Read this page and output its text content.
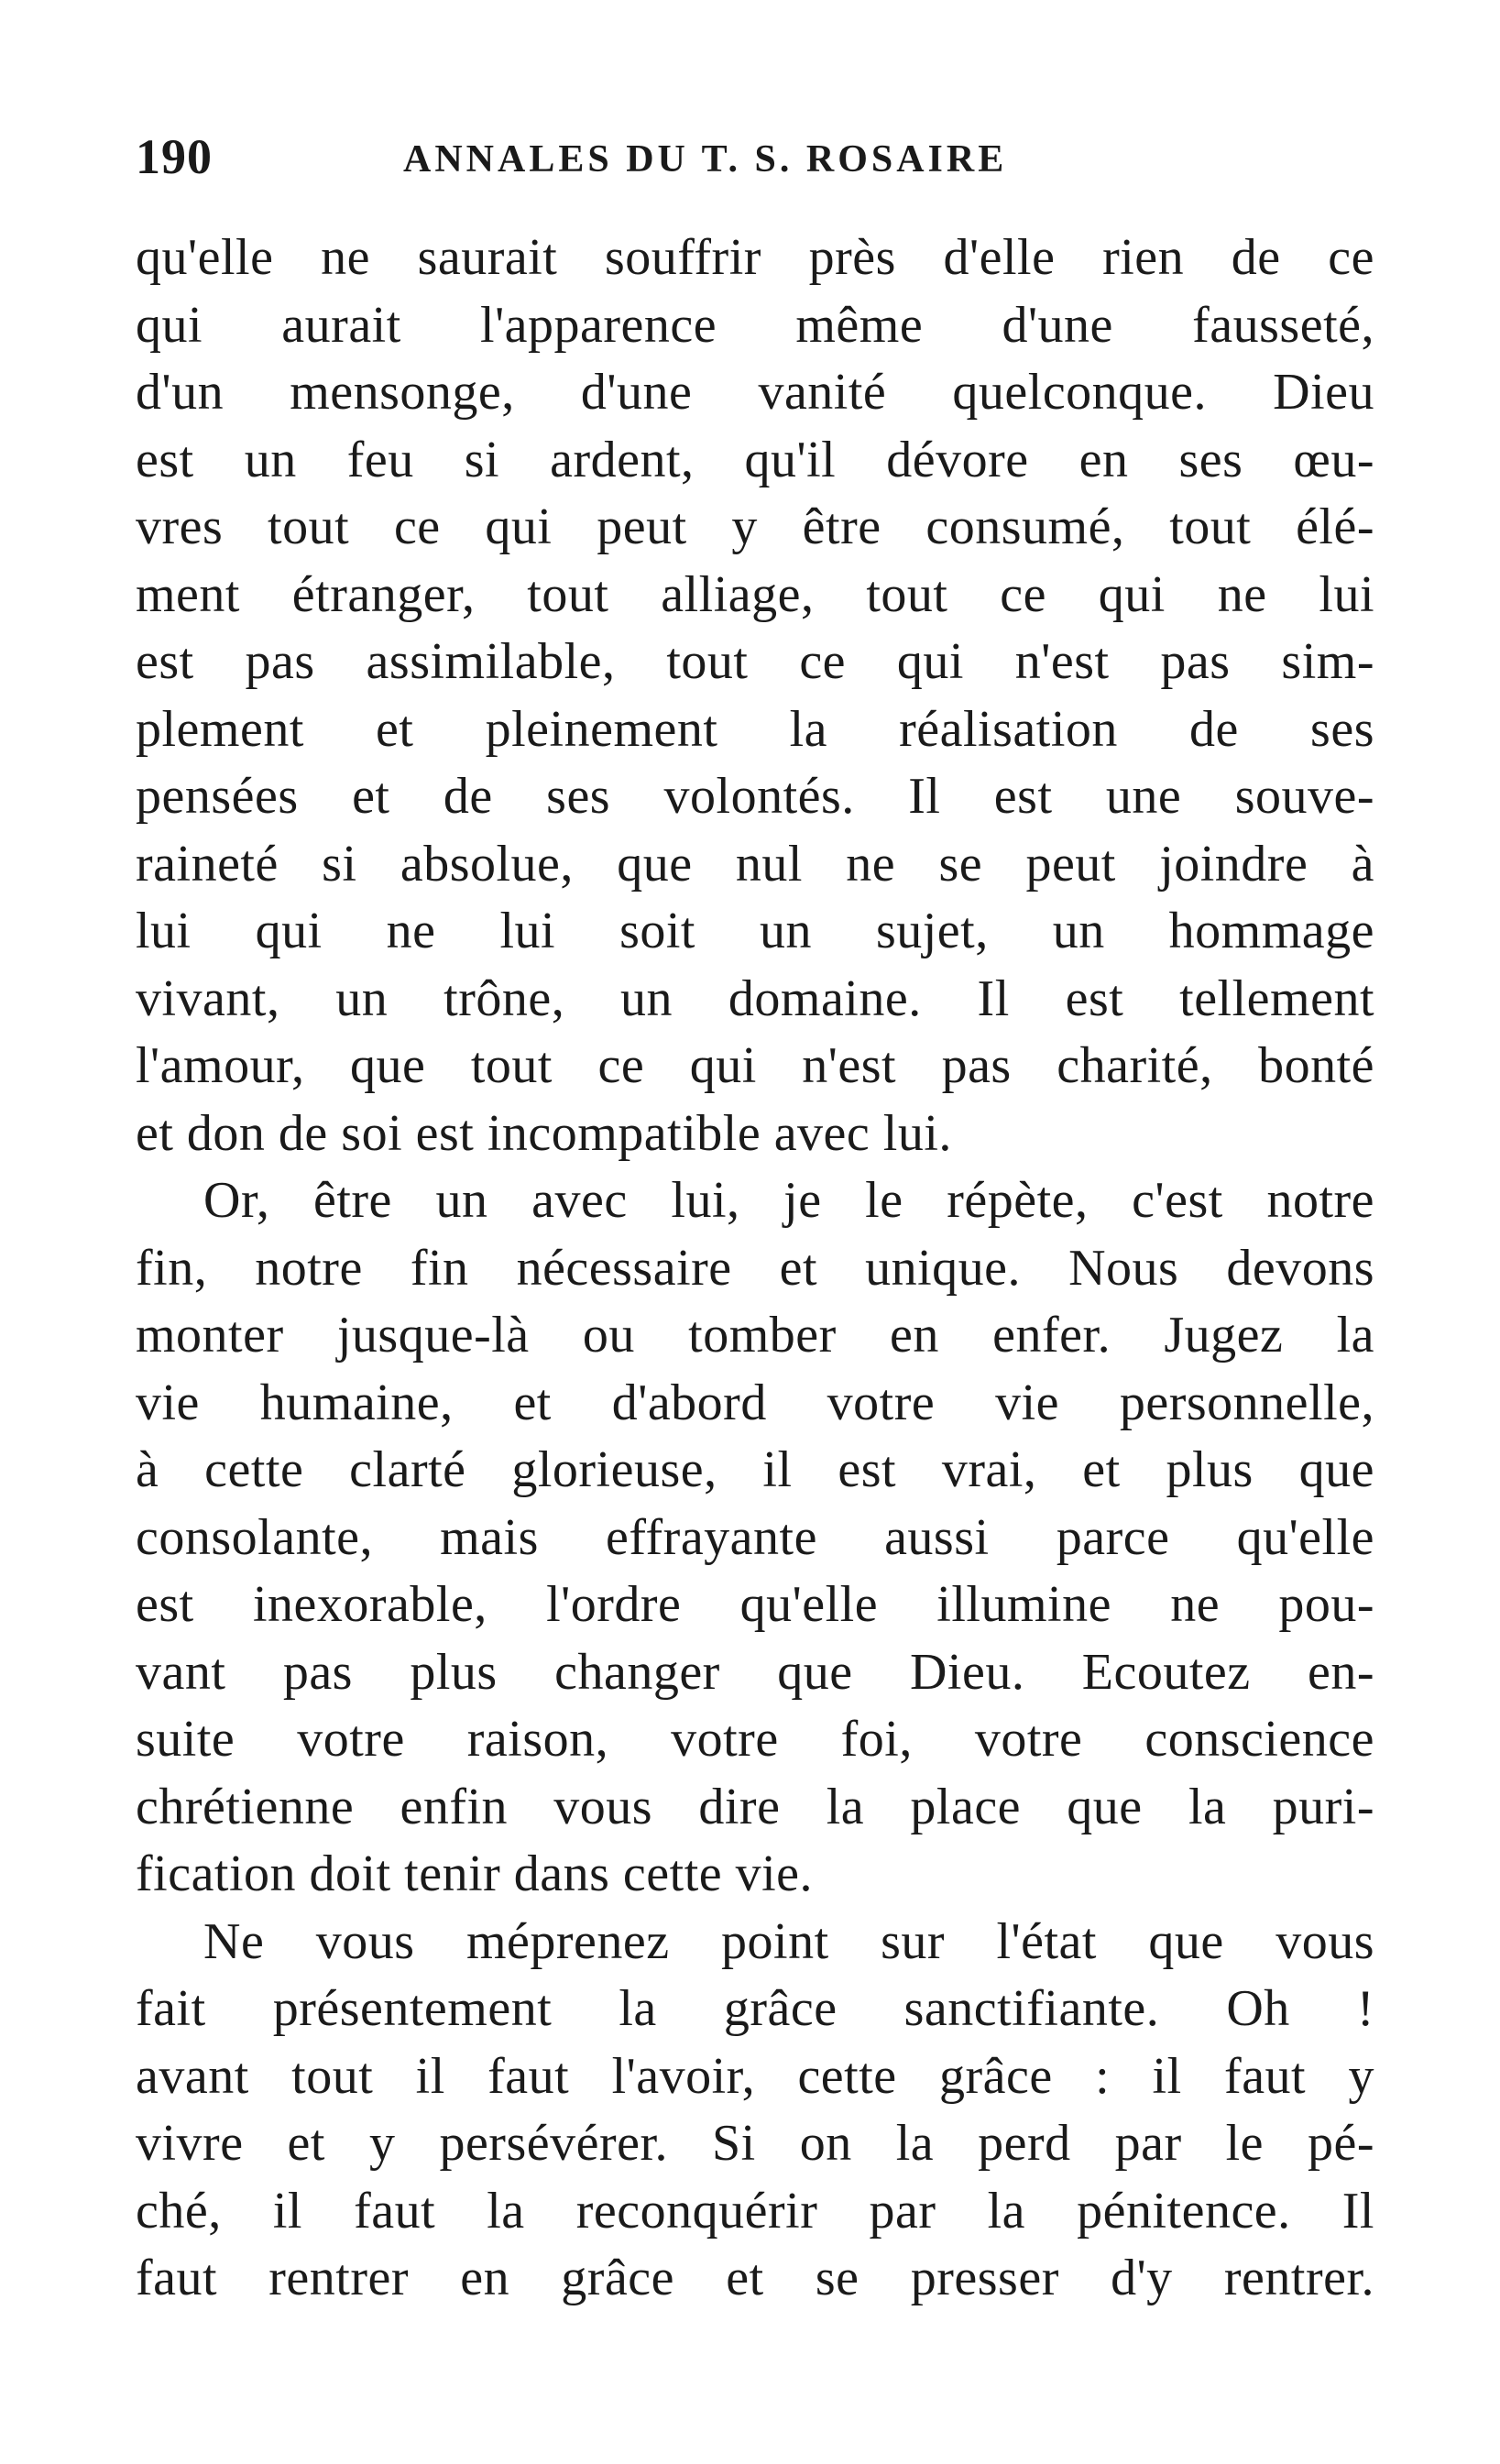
190	ANNALES DU T. S. ROSAIRE
qu'elle ne saurait souffrir près d'elle rien de ce
qui aurait l'apparence même d'une fausseté,
d'un mensonge, d'une vanité quelconque. Dieu
est un feu si ardent, qu'il dévore en ses œu-
vres tout ce qui peut y être consumé, tout élé-
ment étranger, tout alliage, tout ce qui ne lui
est pas assimilable, tout ce qui n'est pas sim-
plement et pleinement la réalisation de ses
pensées et de ses volontés. Il est une souve-
raineté si absolue, que nul ne se peut joindre à
lui qui ne lui soit un sujet, un hommage
vivant, un trône, un domaine. Il est tellement
l'amour, que tout ce qui n'est pas charité, bonté
et don de soi est incompatible avec lui.
Or, être un avec lui, je le répète, c'est notre
fin, notre fin nécessaire et unique. Nous devons
monter jusque-là ou tomber en enfer. Jugez la
vie humaine, et d'abord votre vie personnelle,
à cette clarté glorieuse, il est vrai, et plus que
consolante, mais effrayante aussi parce qu'elle
est inexorable, l'ordre qu'elle illumine ne pou-
vant pas plus changer que Dieu. Ecoutez en-
suite votre raison, votre foi, votre conscience
chrétienne enfin vous dire la place que la puri-
fication doit tenir dans cette vie.
Ne vous méprenez point sur l'état que vous
fait présentement la grâce sanctifiante. Oh !
avant tout il faut l'avoir, cette grâce : il faut y
vivre et y persévérer. Si on la perd par le pé-
ché, il faut la reconquérir par la pénitence. Il
faut rentrer en grâce et se presser d'y rentrer.
